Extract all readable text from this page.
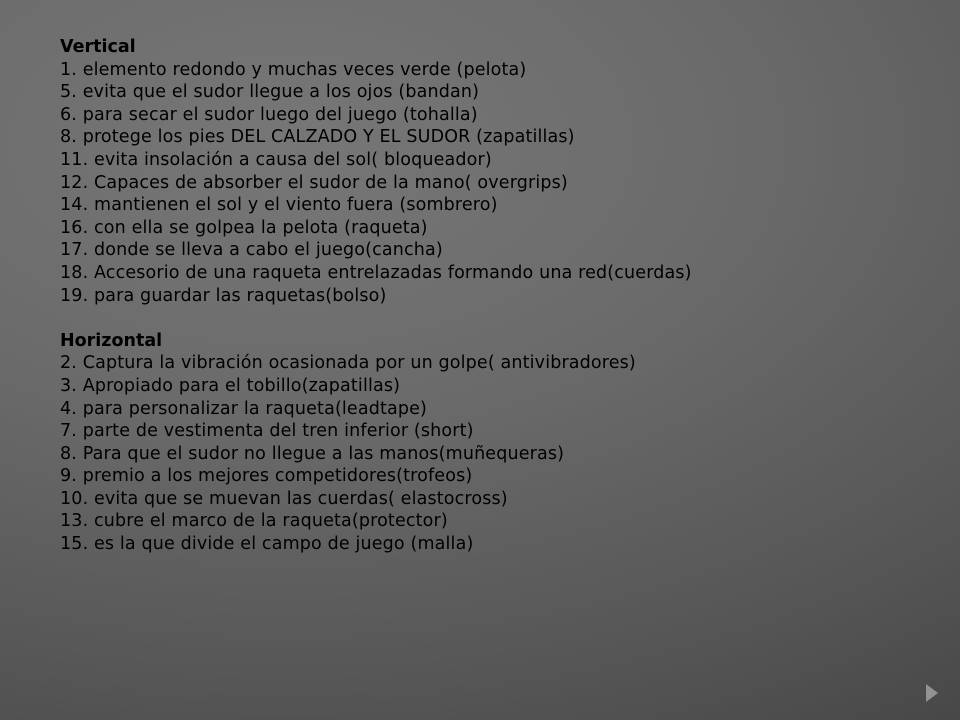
Vertical
1. elemento redondo y muchas veces verde (pelota)
5. evita que el sudor llegue a los ojos (bandan)
6. para secar el sudor luego del juego (tohalla)
8. protege los pies DEL CALZADO Y EL SUDOR (zapatillas)
11. evita insolación a causa del sol( bloqueador)
12. Capaces de absorber el sudor de la mano( overgrips)
14. mantienen el sol y el viento fuera (sombrero)
16. con ella se golpea la pelota (raqueta)
17. donde se lleva a cabo el juego(cancha)
18. Accesorio de una raqueta entrelazadas formando una red(cuerdas)
19. para guardar las raquetas(bolso)
Horizontal
2. Captura la vibración ocasionada por un golpe( antivibradores)
3. Apropiado para el tobillo(zapatillas)
4. para personalizar la raqueta(leadtape)
7. parte de vestimenta del tren inferior (short)
8. Para que el sudor no llegue a las manos(muñequeras)
9. premio a los mejores competidores(trofeos)
10. evita que se muevan las cuerdas( elastocross)
13. cubre el marco de la raqueta(protector)
15. es la que divide el campo de juego (malla)
